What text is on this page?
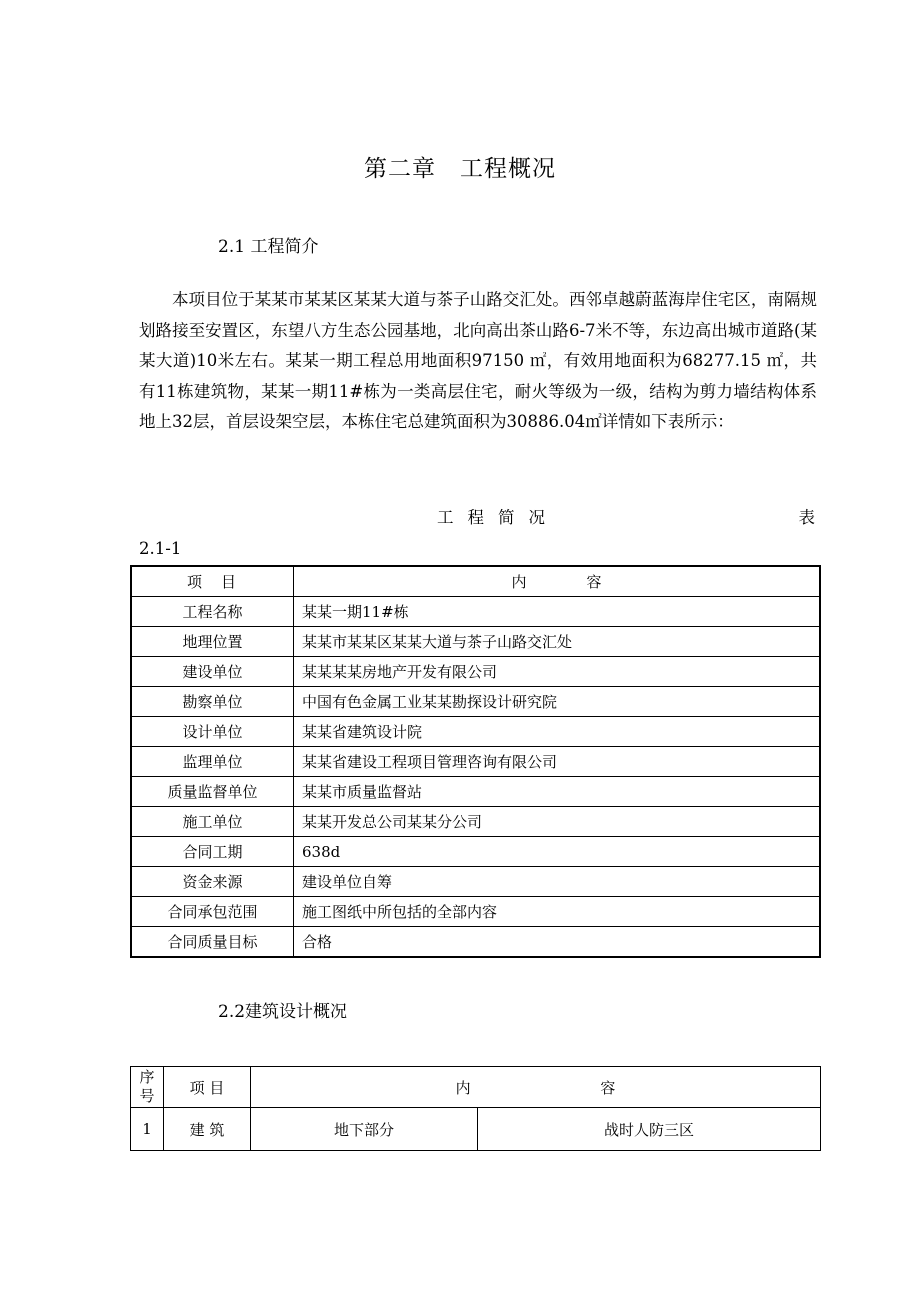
第二章　工程概况
2.1 工程简介

本项目位于某某市某某区某某大道与茶子山路交汇处。西邻卓越蔚蓝海岸住宅区，南隔规划路接至安置区，东望八方生态公园基地，北向高出茶山路6-7米不等，东边高出城市道路(某某大道)10米左右。某某一期工程总用地面积97150 ㎡，有效用地面积为68277.15 ㎡，共有11栋建筑物，某某一期11#栋为一类高层住宅，耐火等级为一级，结构为剪力墙结构体系地上32层，首层设架空层，本栋住宅总建筑面积为30886.04㎡详情如下表所示：

工程简况	表
2.1-1
项　目	内　　　　容
工程名称	某某一期11#栋
地理位置	某某市某某区某某大道与茶子山路交汇处
建设单位	某某某某房地产开发有限公司
勘察单位	中国有色金属工业某某勘探设计研究院
设计单位	某某省建筑设计院
监理单位	某某省建设工程项目管理咨询有限公司
质量监督单位	某某市质量监督站
施工单位	某某开发总公司某某分公司
合同工期	638d
资金来源	建设单位自筹
合同承包范围	施工图纸中所包括的全部内容
合同质量目标	合格
2.2建筑设计概况
序号	项 目	内 容	
1	建 筑	地下部分	战时人防三区
